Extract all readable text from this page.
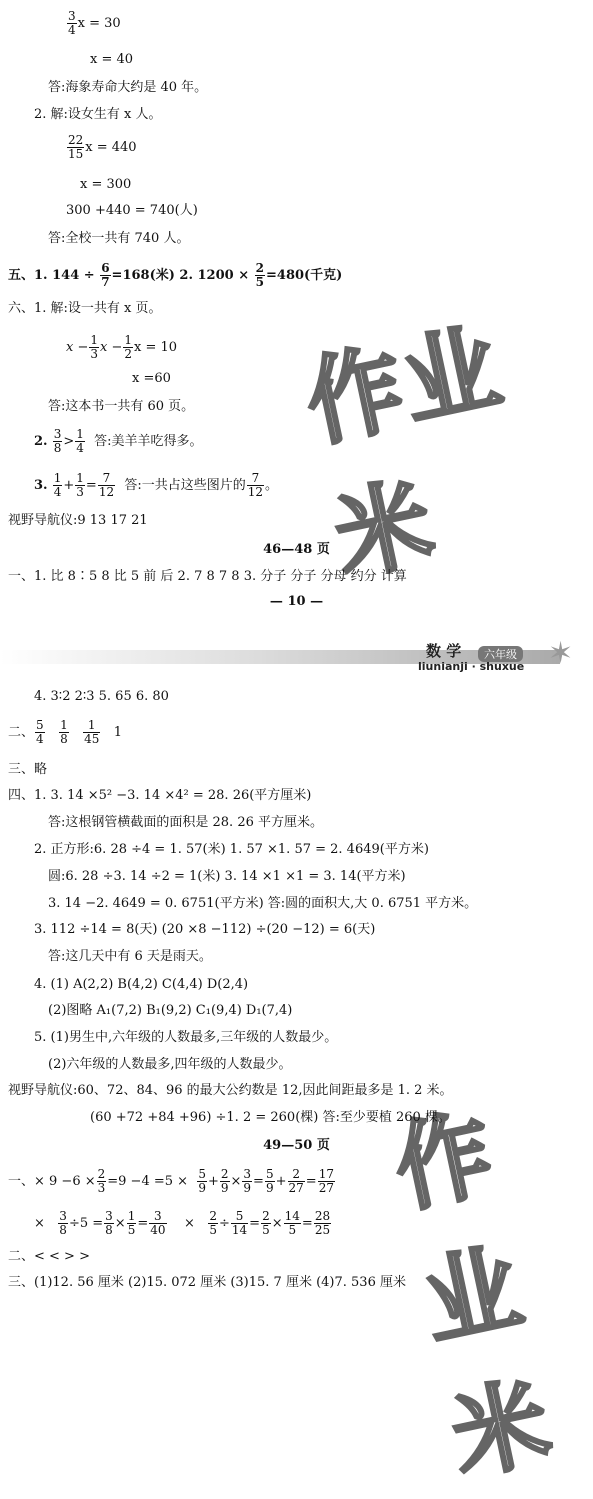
作业米
作业米
$\frac{3}{4}$ x = 30
x = 40
答:海象寿命大约是 40 年。
2. 解:设女生有 x 人。
$\frac{22}{15}$ x = 440
x = 300
300 +440 = 740(人)
答:全校一共有 740 人。
五、1. $144 \div \frac{6}{7} =168$(米) 2. $1200 \times \frac{2}{5} =480$(千克)
六、1. 解:设一共有 x 页。
$x - \frac{1}{3}$ $x - \frac{1}{2}$ x = 10
x =60
答:这本书一共有 60 页。
2. $\frac{3}{8} > \frac{1}{4}$ 答:美羊羊吃得多。
3. $\frac{1}{4} + \frac{1}{3} = \frac{7}{12}$ 答:一共占这些图片的 $\frac{7}{12}$ 。
视野导航仪:9 13 17 21
46—48 页
一、1. 比 8∶5 8 比 5 前 后 2. 7 8 7 8 3. 分子 分子 分母 约分 计算
— 10 —
数 学	六年级
liunianji · shuxue ✶
4. 3∶2 2∶3 5. 65 6. 80
二、 $\frac{5}{4}$
$\frac{1}{8}$
$\frac{1}{45} 1$
三、略
四、1. 3. 14 ×5² −3. 14 ×4² = 28. 26(平方厘米)
答:这根钢管横截面的面积是 28. 26 平方厘米。
2. 正方形:6. 28 ÷4 = 1. 57(米) 1. 57 ×1. 57 = 2. 4649(平方米)
圆:6. 28 ÷3. 14 ÷2 = 1(米) 3. 14 ×1 ×1 = 3. 14(平方米)
3. 14 −2. 4649 = 0. 6751(平方米) 答:圆的面积大,大 0. 6751 平方米。
3. 112 ÷14 = 8(天) (20 ×8 −112) ÷(20 −12) = 6(天)
答:这几天中有 6 天是雨天。
4. (1) A(2,2) B(4,2) C(4,4) D(2,4)
(2)图略 A₁(7,2) B₁(9,2) C₁(9,4) D₁(7,4)
5. (1)男生中,六年级的人数最多,三年级的人数最少。
(2)六年级的人数最多,四年级的人数最少。
视野导航仪:60、72、84、96 的最大公约数是 12,因此间距最多是 1. 2 米。
(60 +72 +84 +96) ÷1. 2 = 260(棵) 答:至少要植 260 棵。
49—50 页
一、× $9 -6 \times \frac{2}{3} =9 -4 =5 \times \frac{5}{9} + \frac{2}{9} \times \frac{3}{9} = \frac{5}{9} + \frac{2}{27} = \frac{17}{27}$
× $\frac{3}{8} \div 5 = \frac{3}{8} \times \frac{1}{5} = \frac{3}{40} \times \frac{2}{5} \div \frac{5}{14} = \frac{2}{5} \times \frac{14}{5} = \frac{28}{25}$
二、< < > >
三、(1)12. 56 厘米 (2)15. 072 厘米 (3)15. 7 厘米 (4)7. 536 厘米
